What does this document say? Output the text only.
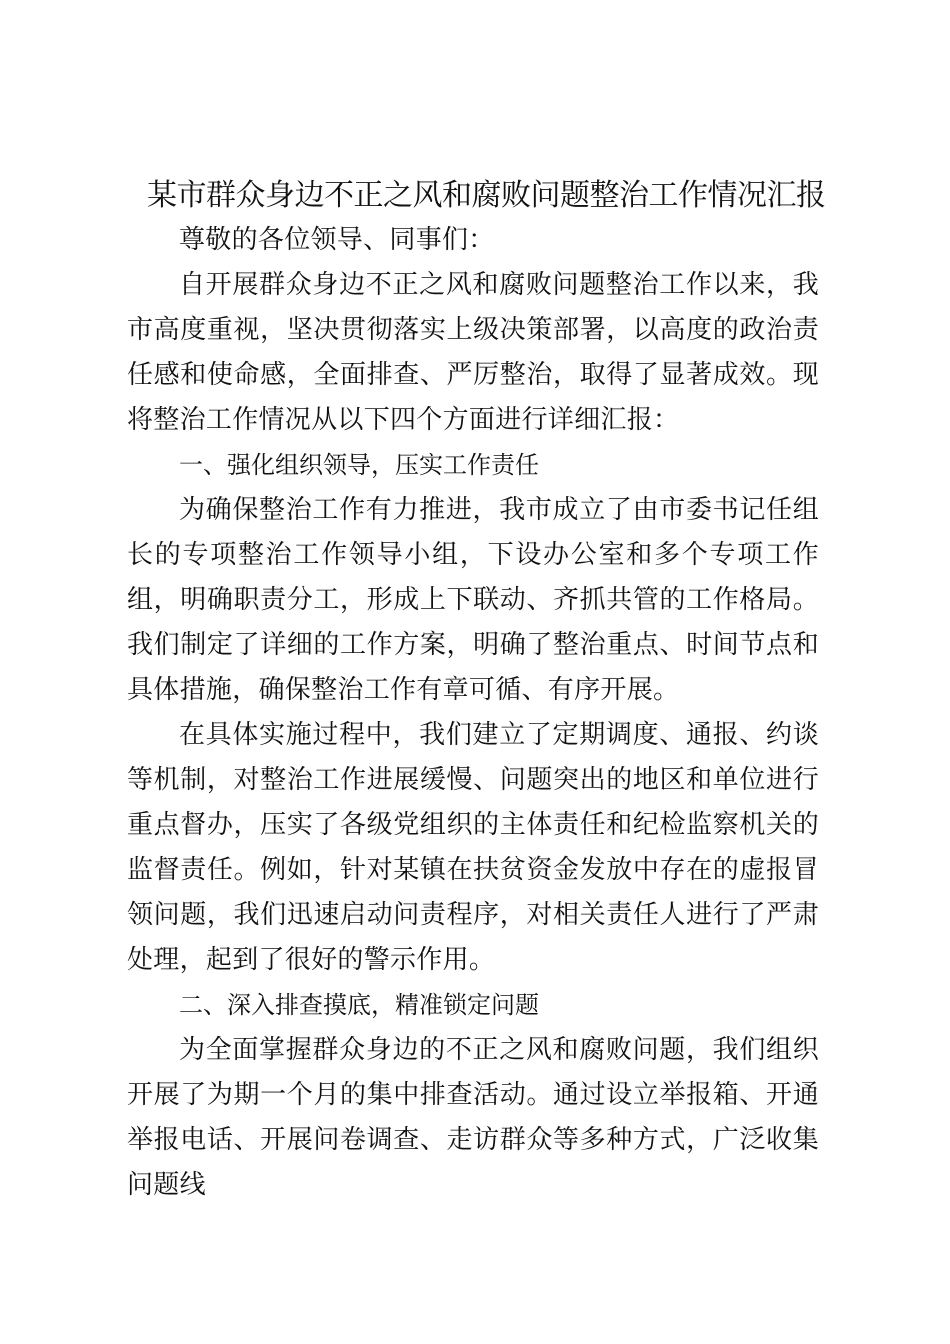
某市群众身边不正之风和腐败问题整治工作情况汇报

尊敬的各位领导、同事们：

自开展群众身边不正之风和腐败问题整治工作以来，我市高度重视，坚决贯彻落实上级决策部署，以高度的政治责任感和使命感，全面排查、严厉整治，取得了显著成效。现将整治工作情况从以下四个方面进行详细汇报：

一、强化组织领导，压实工作责任

为确保整治工作有力推进，我市成立了由市委书记任组长的专项整治工作领导小组，下设办公室和多个专项工作组，明确职责分工，形成上下联动、齐抓共管的工作格局。我们制定了详细的工作方案，明确了整治重点、时间节点和具体措施，确保整治工作有章可循、有序开展。

在具体实施过程中，我们建立了定期调度、通报、约谈等机制，对整治工作进展缓慢、问题突出的地区和单位进行重点督办，压实了各级党组织的主体责任和纪检监察机关的监督责任。例如，针对某镇在扶贫资金发放中存在的虚报冒领问题，我们迅速启动问责程序，对相关责任人进行了严肃处理，起到了很好的警示作用。

二、深入排查摸底，精准锁定问题

为全面掌握群众身边的不正之风和腐败问题，我们组织开展了为期一个月的集中排查活动。通过设立举报箱、开通举报电话、开展问卷调查、走访群众等多种方式，广泛收集问题线
